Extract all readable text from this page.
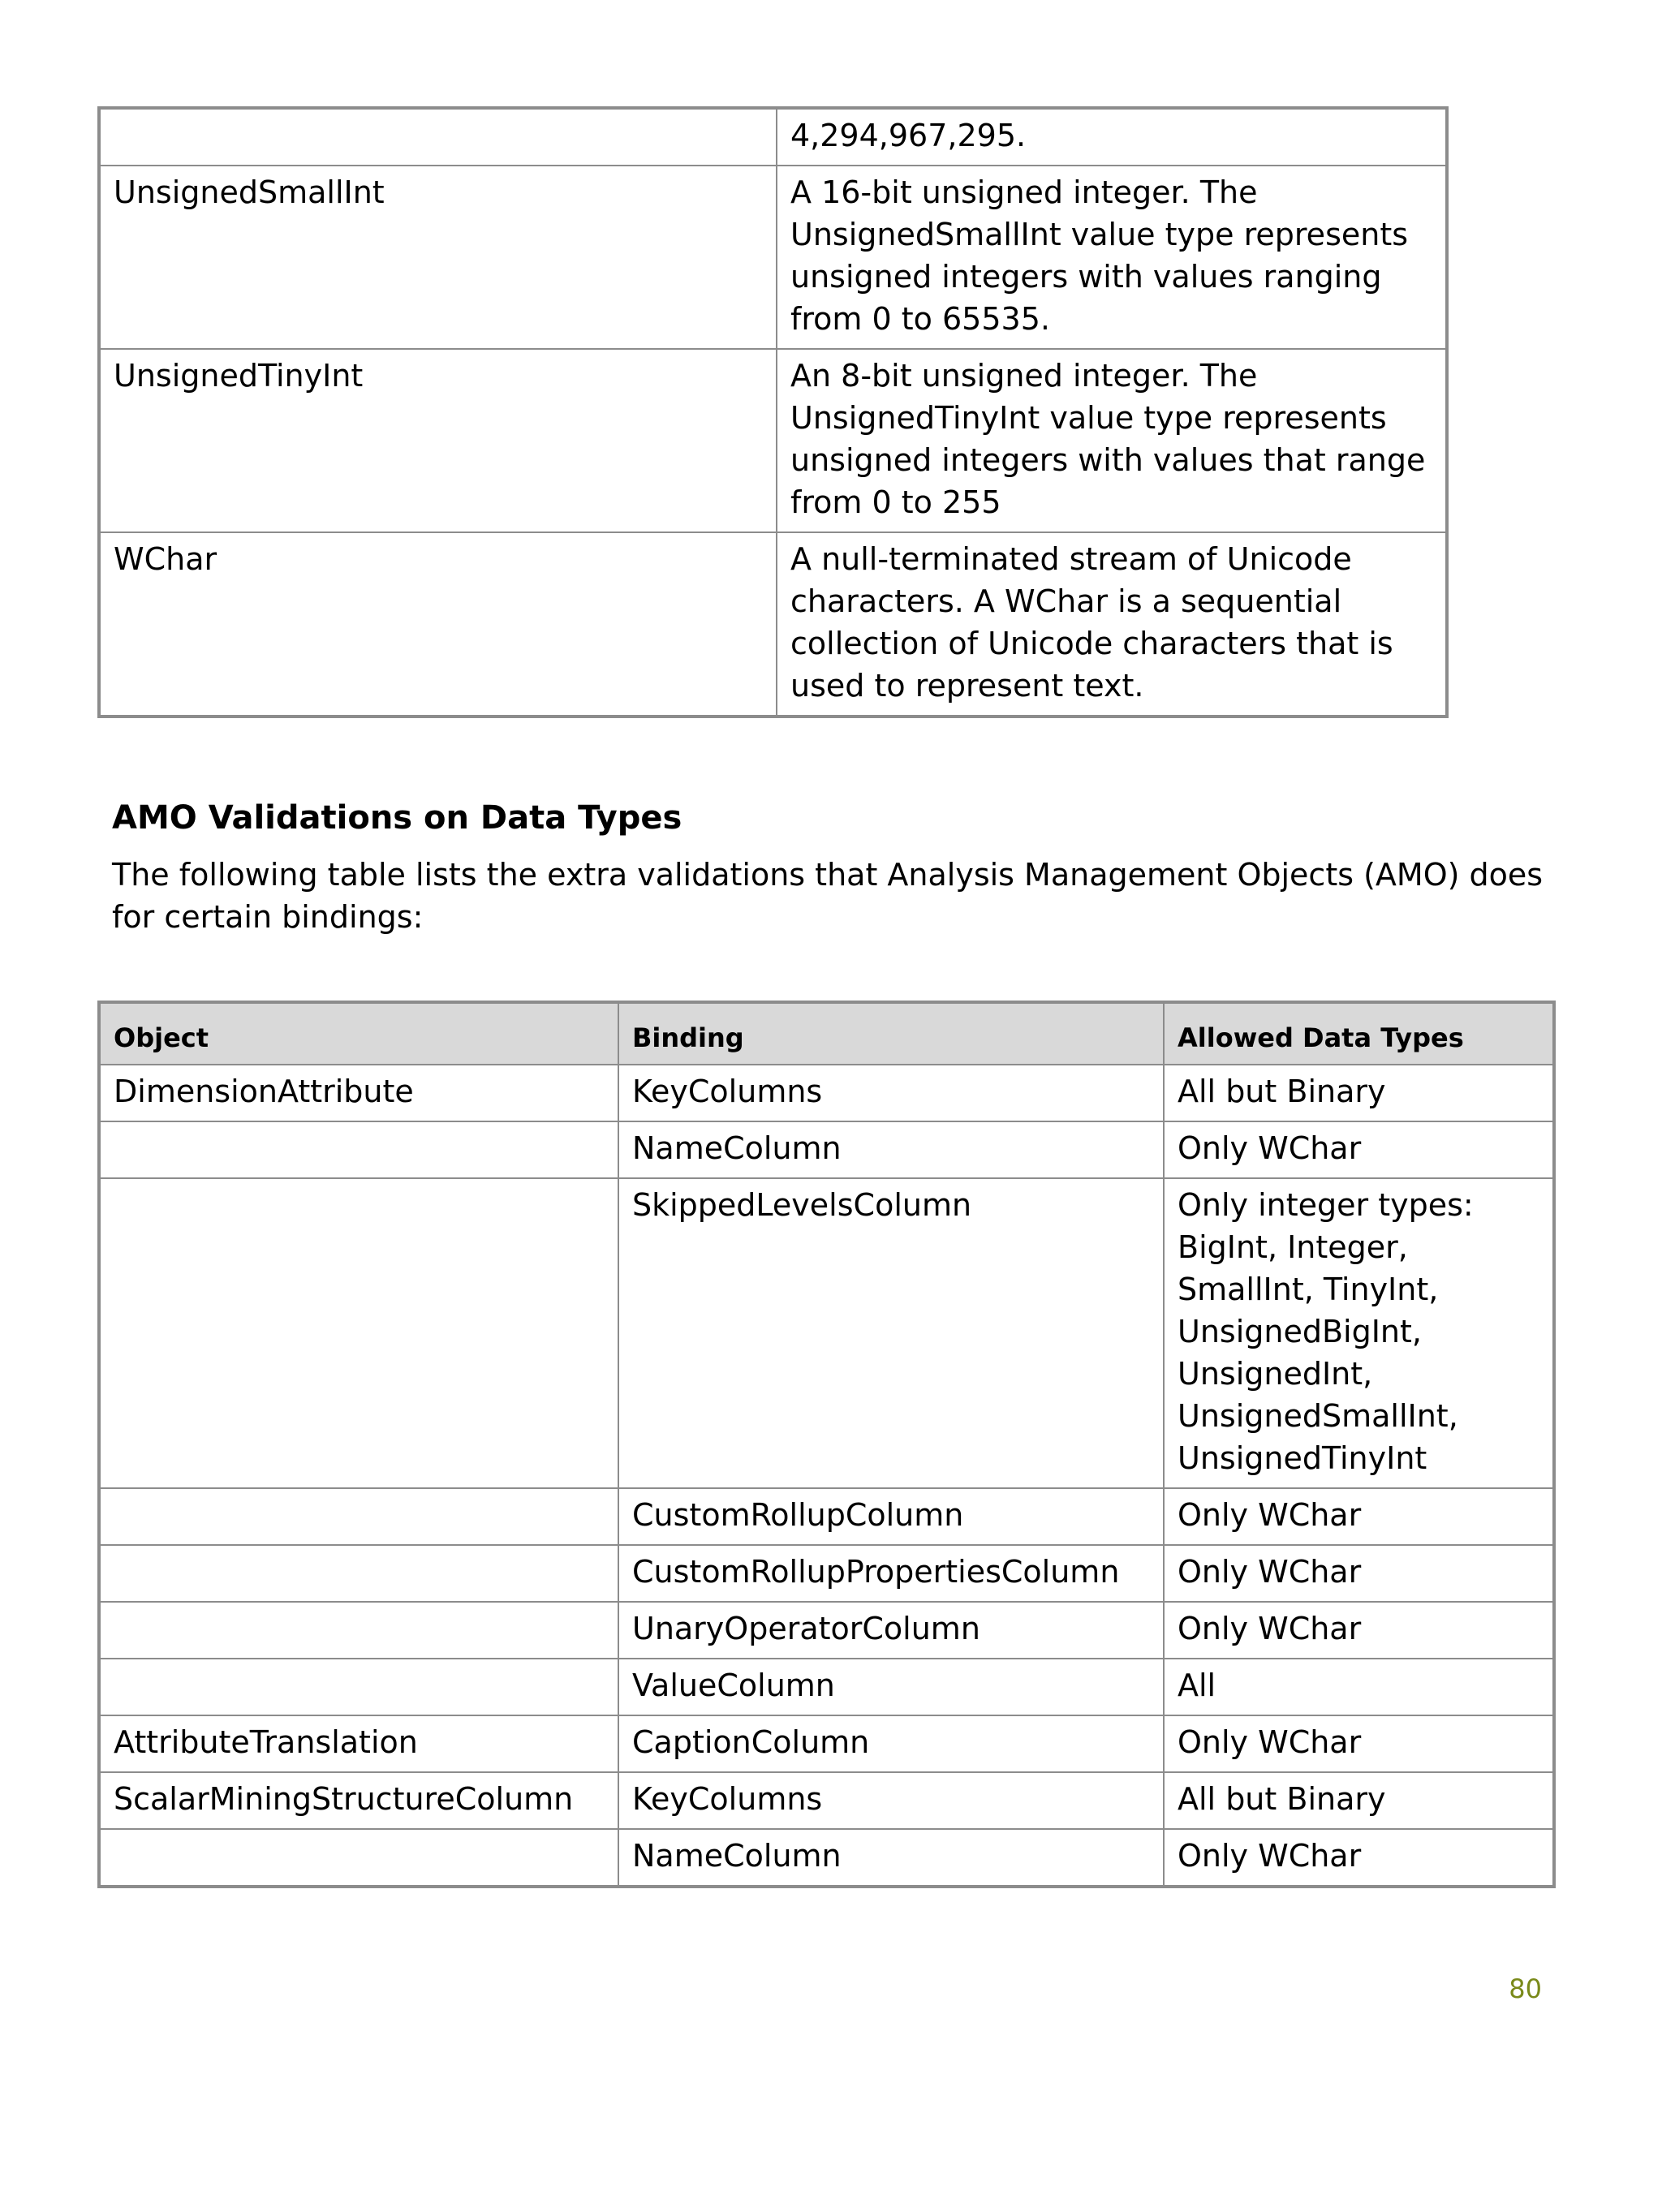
	4,294,967,295.
UnsignedSmallInt	A 16-bit unsigned integer. The UnsignedSmallInt value type represents unsigned integers with values ranging from 0 to 65535.
UnsignedTinyInt	An 8-bit unsigned integer. The UnsignedTinyInt value type represents unsigned integers with values that range from 0 to 255
WChar	A null-terminated stream of Unicode characters. A WChar is a sequential collection of Unicode characters that is used to represent text.
AMO Validations on Data Types

The following table lists the extra validations that Analysis Management Objects (AMO) does for certain bindings:

Object	Binding	Allowed Data Types
DimensionAttribute	KeyColumns	All but Binary
	NameColumn	Only WChar
	SkippedLevelsColumn	Only integer types: BigInt, Integer, SmallInt, TinyInt, UnsignedBigInt, UnsignedInt, UnsignedSmallInt, UnsignedTinyInt
	CustomRollupColumn	Only WChar
	CustomRollupPropertiesColumn	Only WChar
	UnaryOperatorColumn	Only WChar
	ValueColumn	All
AttributeTranslation	CaptionColumn	Only WChar
ScalarMiningStructureColumn	KeyColumns	All but Binary
	NameColumn	Only WChar
80
